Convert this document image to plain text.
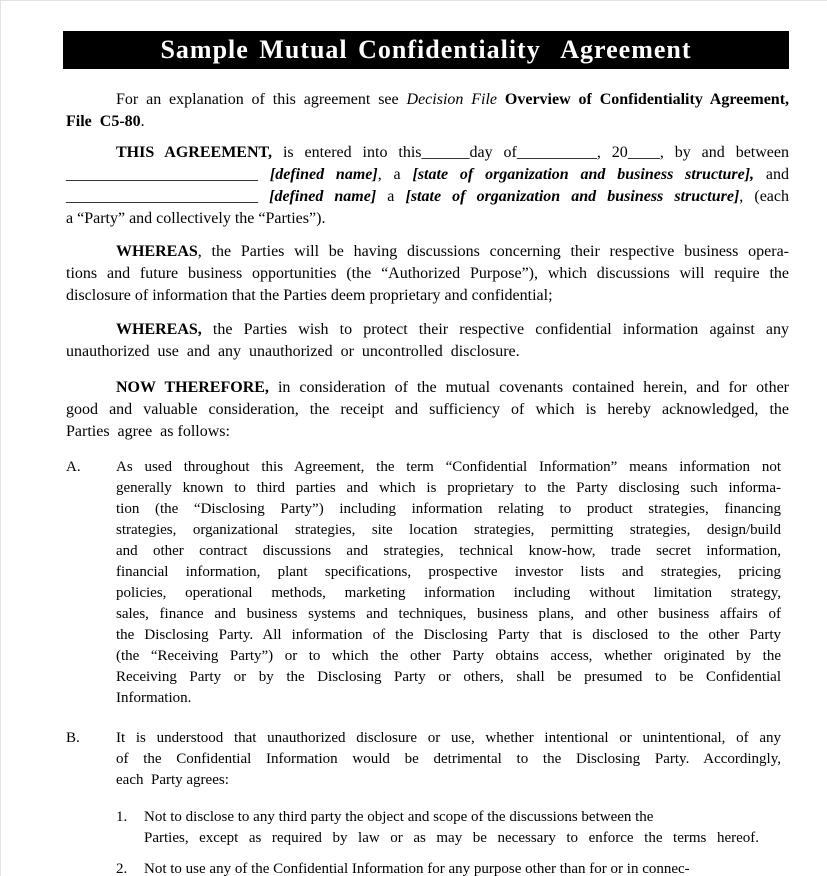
Sample Mutual Confidentiality  Agreement
For an explanation of this agreement see Decision File Overview of Confidentiality Agreement,
File  C5-80.
THIS AGREEMENT, is entered into this______day of__________, 20____, by and between
________________________ [defined name], a [state of organization and business structure], and
________________________ [defined name] a [state of organization and business structure], (each
a “Party” and collectively the “Parties”).
WHEREAS, the Parties will be having discussions concerning their respective business opera-
tions and future business opportunities (the “Authorized Purpose”), which discussions will require the
disclosure of information that the Parties deem proprietary and confidential;
WHEREAS, the Parties wish to protect their respective confidential information against any
unauthorized  use  and  any  unauthorized  or  uncontrolled  disclosure.
NOW THEREFORE, in consideration of the mutual covenants contained herein, and for other
good and valuable consideration, the receipt and sufficiency of which is hereby acknowledged, the
Parties  agree  as follows:
A.	As used throughout this Agreement, the term “Confidential Information” means information not
generally known to third parties and which is proprietary to the Party disclosing such informa-
tion (the “Disclosing Party”) including information relating to product strategies, financing
strategies, organizational strategies, site location strategies, permitting strategies, design/build
and other contract discussions and strategies, technical know-how, trade secret information,
financial information, plant specifications, prospective investor lists and strategies, pricing
policies, operational methods, marketing information including without limitation strategy,
sales, finance and business systems and techniques, business plans, and other business affairs of
the Disclosing Party. All information of the Disclosing Party that is disclosed to the other Party
(the “Receiving Party”) or to which the other Party obtains access, whether originated by the
Receiving Party or by the Disclosing Party or others, shall be presumed to be Confidential
Information.
B.	It is understood that unauthorized disclosure or use, whether intentional or unintentional, of any
of the Confidential Information would be detrimental to the Disclosing Party. Accordingly,
each  Party agrees:
1.	Not to disclose to any third party the object and scope of the discussions between the
Parties, except as required by law or as may be necessary to enforce the terms hereof.
2.	Not to use any of the Confidential Information for any purpose other than for or in connec-
